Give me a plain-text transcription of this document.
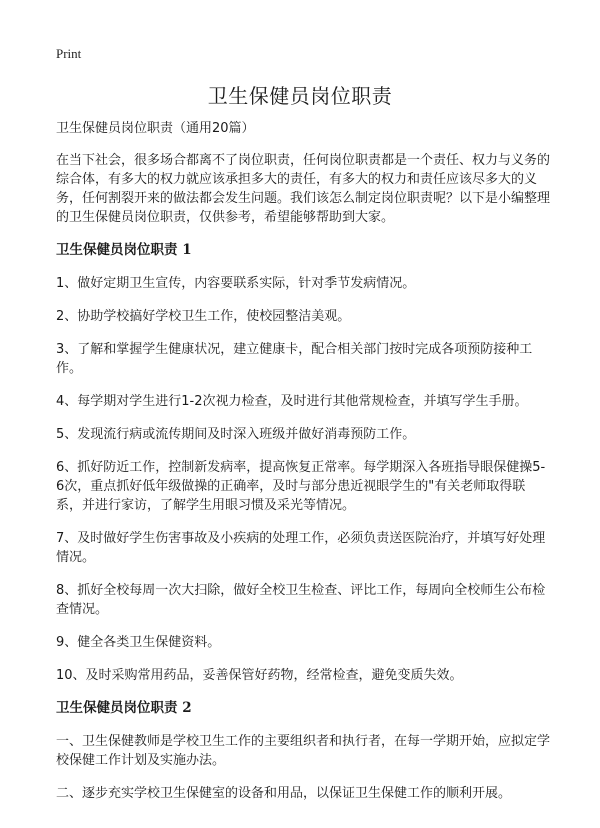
Print
卫生保健员岗位职责

卫生保健员岗位职责（通用20篇）

在当下社会，很多场合都离不了岗位职责，任何岗位职责都是一个责任、权力与义务的综合体，有多大的权力就应该承担多大的责任，有多大的权力和责任应该尽多大的义务，任何割裂开来的做法都会发生问题。我们该怎么制定岗位职责呢？以下是小编整理的卫生保健员岗位职责，仅供参考，希望能够帮助到大家。

卫生保健员岗位职责 1

1、做好定期卫生宣传，内容要联系实际，针对季节发病情况。

2、协助学校搞好学校卫生工作，使校园整洁美观。

3、了解和掌握学生健康状况，建立健康卡，配合相关部门按时完成各项预防接种工作。

4、每学期对学生进行1-2次视力检查，及时进行其他常规检查，并填写学生手册。

5、发现流行病或流传期间及时深入班级并做好消毒预防工作。

6、抓好防近工作，控制新发病率，提高恢复正常率。每学期深入各班指导眼保健操5-6次，重点抓好低年级做操的正确率，及时与部分患近视眼学生的"有关老师取得联系，并进行家访，了解学生用眼习惯及采光等情况。

7、及时做好学生伤害事故及小疾病的处理工作，必须负责送医院治疗，并填写好处理情况。

8、抓好全校每周一次大扫除，做好全校卫生检查、评比工作，每周向全校师生公布检查情况。

9、健全各类卫生保健资料。

10、及时采购常用药品，妥善保管好药物，经常检查，避免变质失效。

卫生保健员岗位职责 2

一、卫生保健教师是学校卫生工作的主要组织者和执行者，在每一学期开始，应拟定学校保健工作计划及实施办法。

二、逐步充实学校卫生保健室的设备和用品，以保证卫生保健工作的顺利开展。
